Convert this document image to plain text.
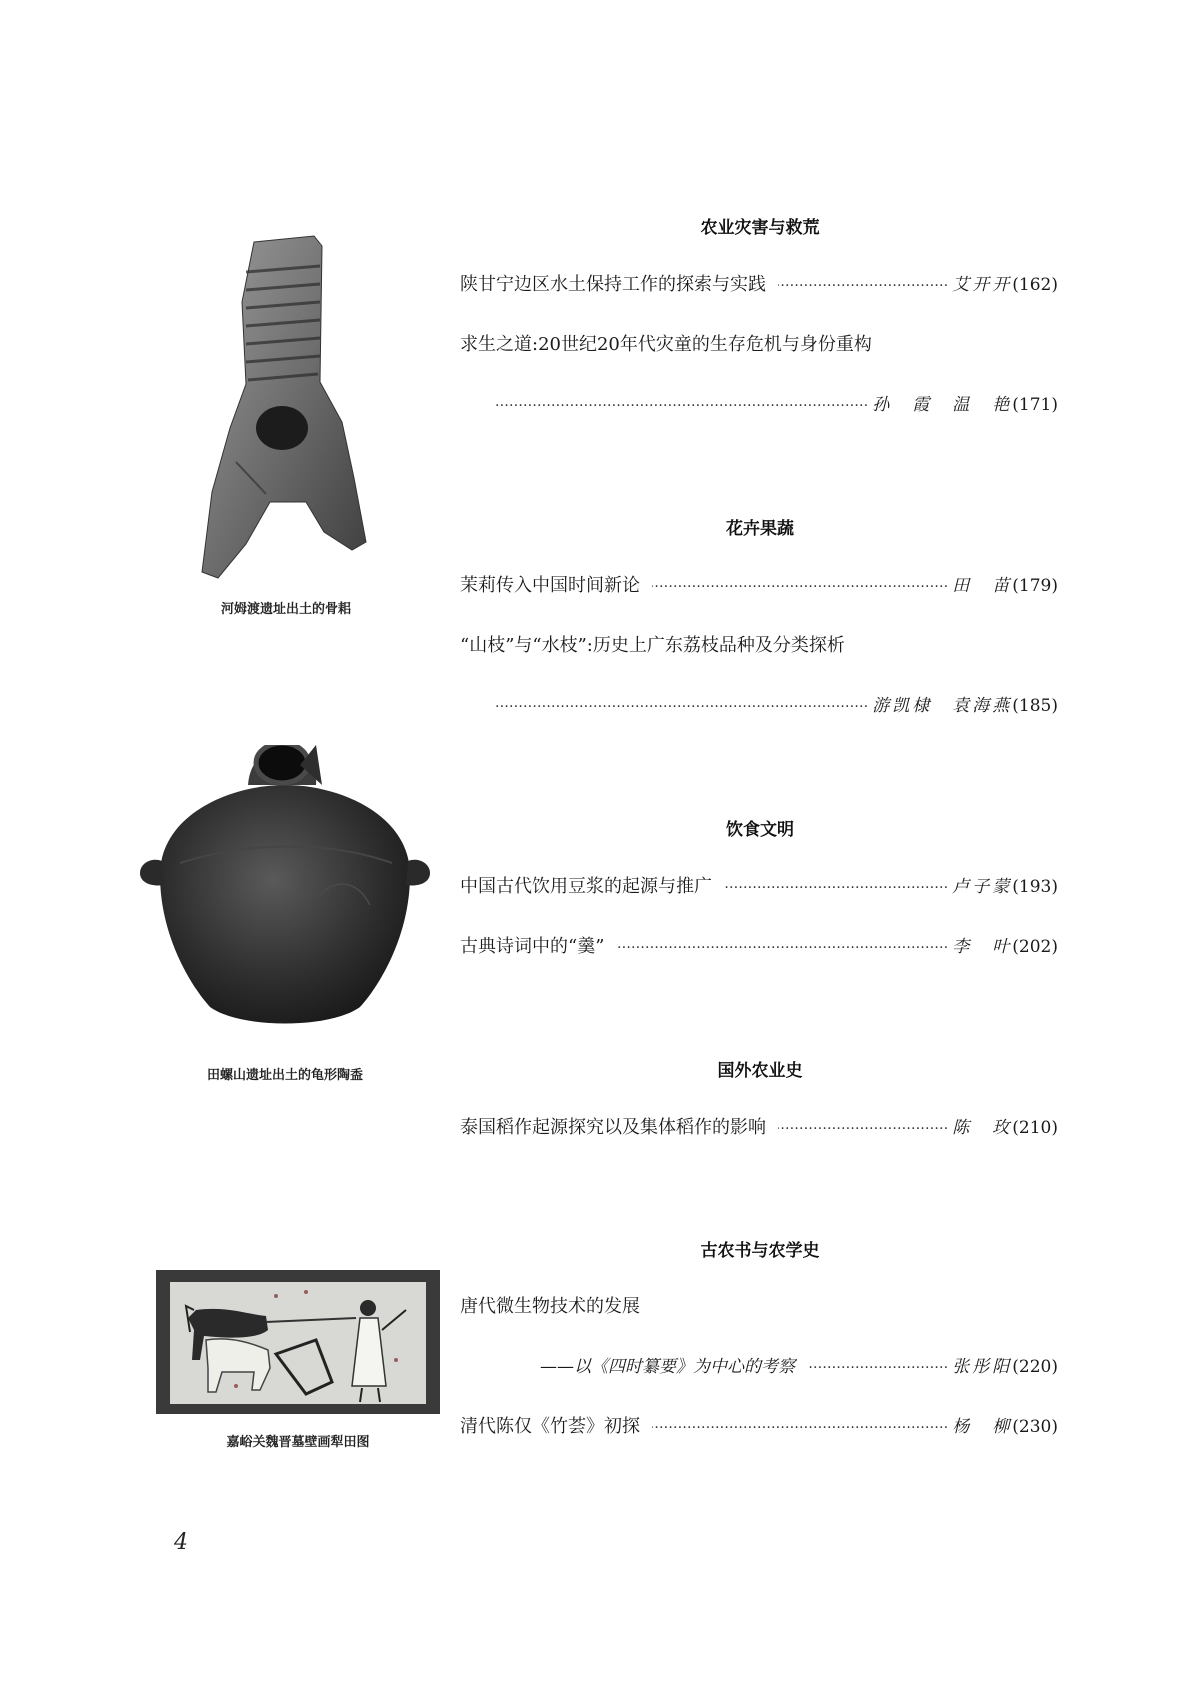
河姆渡遗址出土的骨耜
田螺山遗址出土的龟形陶盉
嘉峪关魏晋墓壁画犁田图
农业灾害与救荒
陕甘宁边区水土保持工作的探索与实践 ……………………………………………………………………………………………………………………………………	艾开开 (162)
求生之道:20世纪20年代灾童的生存危机与身份重构
……………………………………………………………………………………………………………………………………
孙　霞　温　艳 (171)
花卉果蔬
茉莉传入中国时间新论 ……………………………………………………………………………………………………………………………………	田　苗 (179)
“山枝”与“水枝”:历史上广东荔枝品种及分类探析
……………………………………………………………………………………………………………………………………
游凯棣　袁海燕 (185)
饮食文明
中国古代饮用豆浆的起源与推广 ……………………………………………………………………………………………………………………………………	卢子蒙 (193)
古典诗词中的“羹” ……………………………………………………………………………………………………………………………………	李　叶 (202)
国外农业史
泰国稻作起源探究以及集体稻作的影响 ……………………………………………………………………………………………………………………………………	陈　玫 (210)
古农书与农学史
唐代微生物技术的发展
——以《四时纂要》为中心的考察 ……………………………………………………………………………………………………………………………………	张彤阳 (220)
清代陈仅《竹荟》初探 ……………………………………………………………………………………………………………………………………	杨　柳 (230)
4
